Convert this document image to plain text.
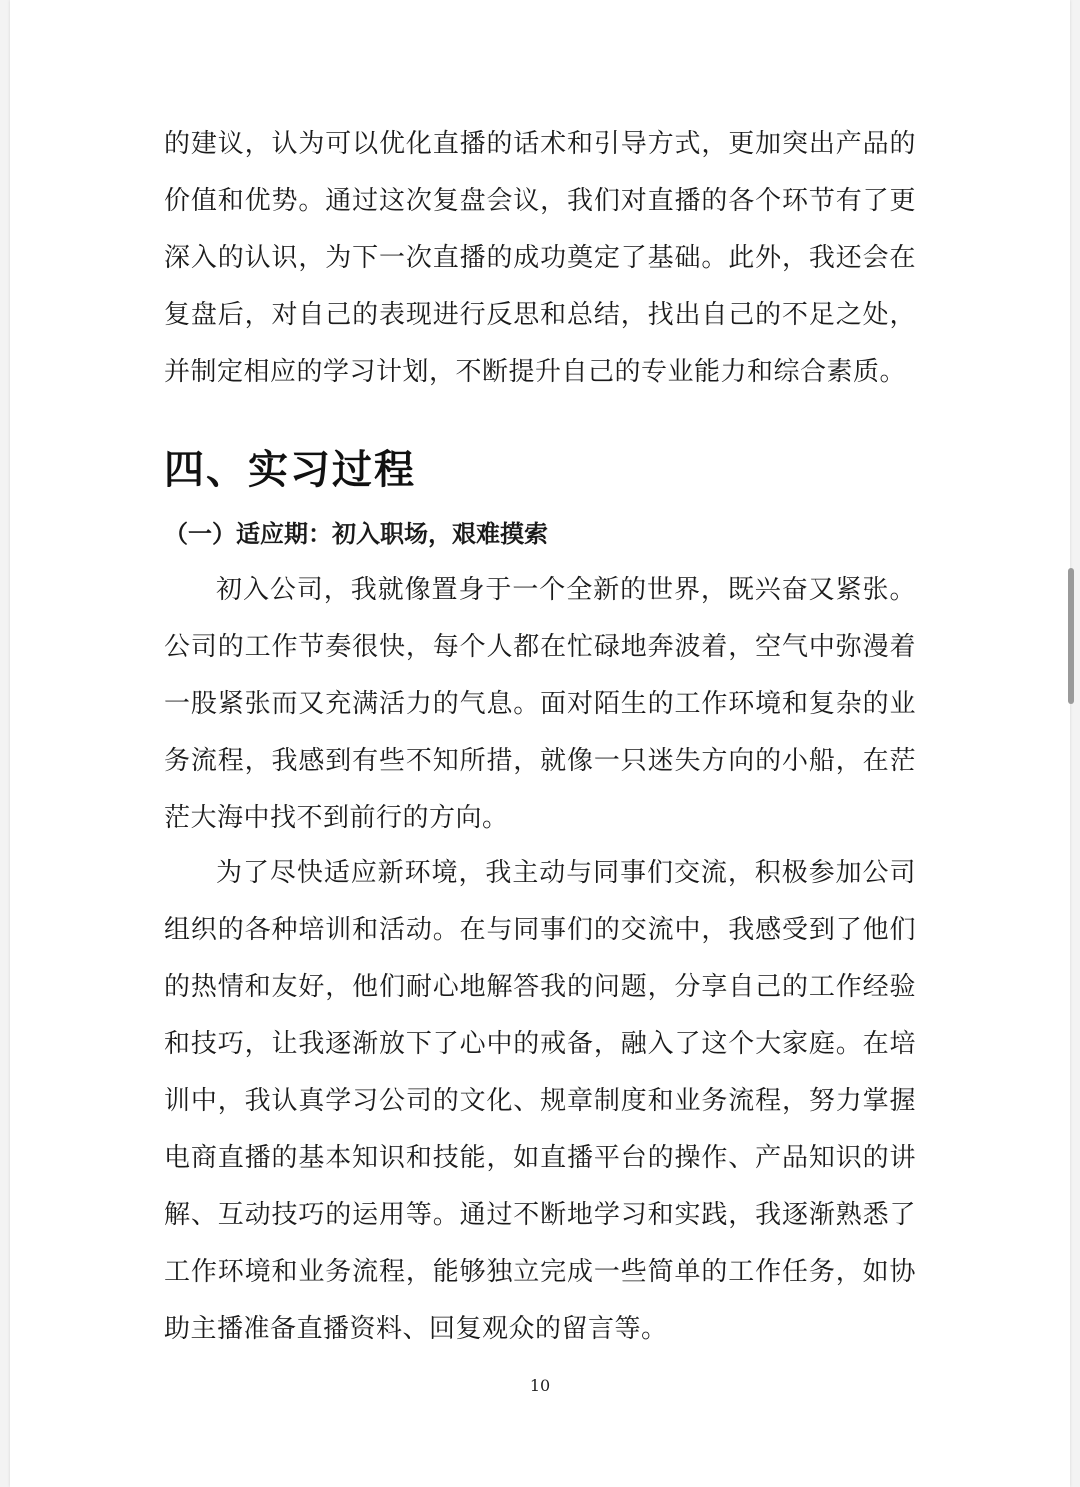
的建议，认为可以优化直播的话术和引导方式，更加突出产品的价值和优势。通过这次复盘会议，我们对直播的各个环节有了更深入的认识，为下一次直播的成功奠定了基础。此外，我还会在复盘后，对自己的表现进行反思和总结，找出自己的不足之处，并制定相应的学习计划，不断提升自己的专业能力和综合素质。

四、实习过程
（一）适应期：初入职场，艰难摸索

初入公司，我就像置身于一个全新的世界，既兴奋又紧张。公司的工作节奏很快，每个人都在忙碌地奔波着，空气中弥漫着一股紧张而又充满活力的气息。面对陌生的工作环境和复杂的业务流程，我感到有些不知所措，就像一只迷失方向的小船，在茫茫大海中找不到前行的方向。

为了尽快适应新环境，我主动与同事们交流，积极参加公司组织的各种培训和活动。在与同事们的交流中，我感受到了他们的热情和友好，他们耐心地解答我的问题，分享自己的工作经验和技巧，让我逐渐放下了心中的戒备，融入了这个大家庭。在培训中，我认真学习公司的文化、规章制度和业务流程，努力掌握电商直播的基本知识和技能，如直播平台的操作、产品知识的讲解、互动技巧的运用等。通过不断地学习和实践，我逐渐熟悉了工作环境和业务流程，能够独立完成一些简单的工作任务，如协助主播准备直播资料、回复观众的留言等。

10
